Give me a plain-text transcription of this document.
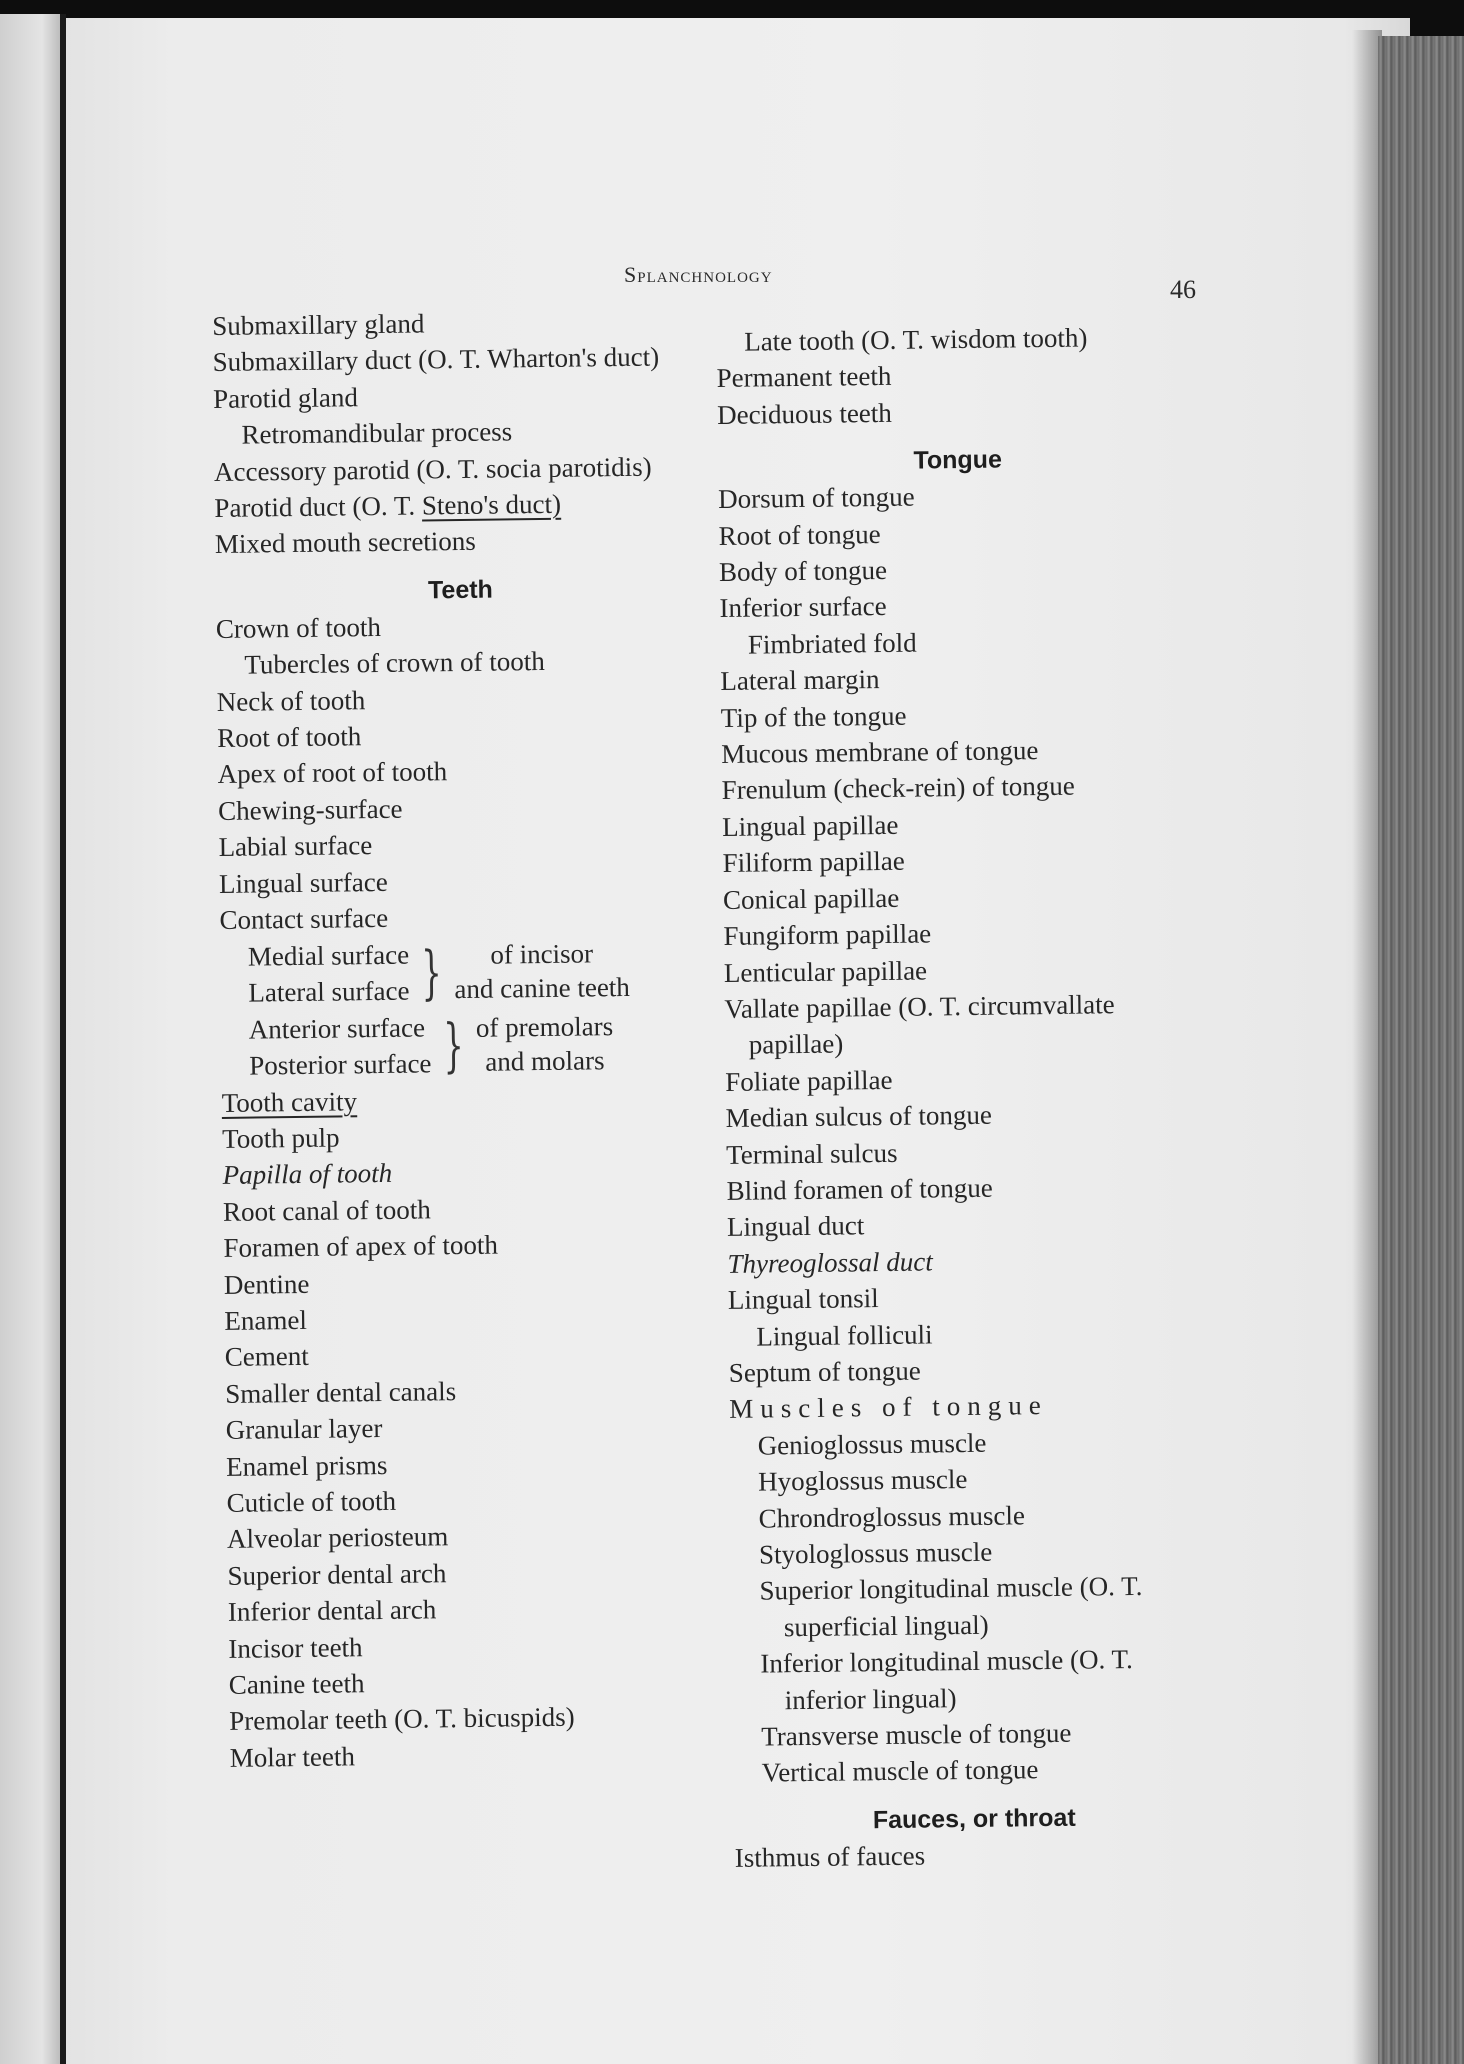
Splanchnology
46
Submaxillary gland
Submaxillary duct (O. T. Wharton's duct)
Parotid gland
Retromandibular process
Accessory parotid (O. T. socia parotidis)
Parotid duct (O. T. Steno's duct)
Mixed mouth secretions
Teeth
Crown of tooth
Tubercles of crown of tooth
Neck of tooth
Root of tooth
Apex of root of tooth
Chewing-surface
Labial surface
Lingual surface
Contact surface
Medial surface
Lateral surface }	of incisor
and canine teeth
Anterior surface
Posterior surface } of premolars
and molars
Tooth cavity
Tooth pulp
Papilla of tooth
Root canal of tooth
Foramen of apex of tooth
Dentine
Enamel
Cement
Smaller dental canals
Granular layer
Enamel prisms
Cuticle of tooth
Alveolar periosteum
Superior dental arch
Inferior dental arch
Incisor teeth
Canine teeth
Premolar teeth (O. T. bicuspids)
Molar teeth
Late tooth (O. T. wisdom tooth)
Permanent teeth
Deciduous teeth
Tongue
Dorsum of tongue
Root of tongue
Body of tongue
Inferior surface
Fimbriated fold
Lateral margin
Tip of the tongue
Mucous membrane of tongue
Frenulum (check-rein) of tongue
Lingual papillae
Filiform papillae
Conical papillae
Fungiform papillae
Lenticular papillae
Vallate papillae (O. T. circumvallate papillae)
Foliate papillae
Median sulcus of tongue
Terminal sulcus
Blind foramen of tongue
Lingual duct
Thyreoglossal duct
Lingual tonsil
Lingual folliculi
Septum of tongue
Muscles of tongue
Genioglossus muscle
Hyoglossus muscle
Chrondroglossus muscle
Styologlossus muscle
Superior longitudinal muscle (O. T. superficial lingual)
Inferior longitudinal muscle (O. T. inferior lingual)
Transverse muscle of tongue
Vertical muscle of tongue
Fauces, or throat
Isthmus of fauces
